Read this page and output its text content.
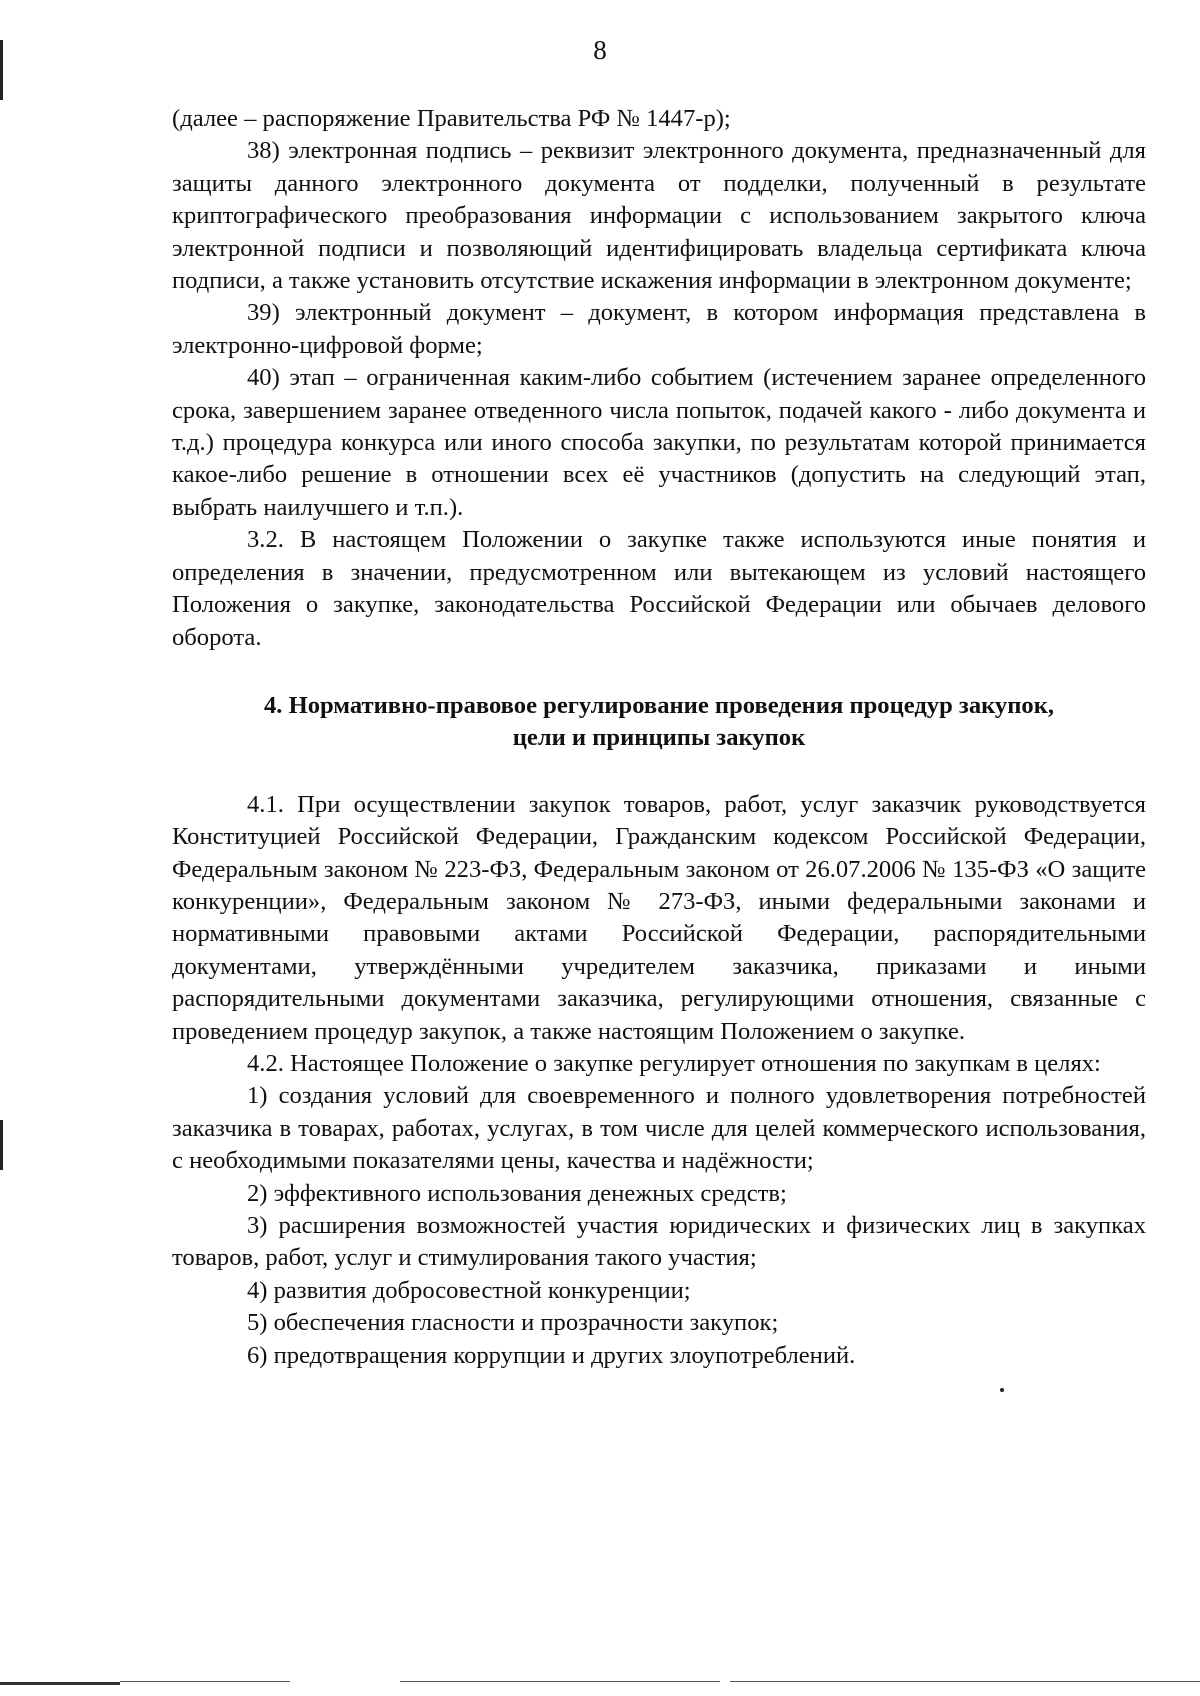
8

(далее – распоряжение Правительства РФ № 1447-р);

38) электронная подпись – реквизит электронного документа, предназначенный для защиты данного электронного документа от подделки, полученный в результате криптографического преобразования информации с использованием закрытого ключа электронной подписи и позволяющий идентифицировать владельца сертификата ключа подписи, а также установить отсутствие искажения информации в электронном документе;

39) электронный документ – документ, в котором информация представлена в электронно-цифровой форме;

40) этап – ограниченная каким-либо событием (истечением заранее определенного срока, завершением заранее отведенного числа попыток, подачей какого - либо документа и т.д.) процедура конкурса или иного способа закупки, по результатам которой принимается какое-либо решение в отношении всех её участников (допустить на следующий этап, выбрать наилучшего и т.п.).

3.2. В настоящем Положении о закупке также используются иные понятия и определения в значении, предусмотренном или вытекающем из условий настоящего Положения о закупке, законодательства Российской Федерации или обычаев делового оборота.

4. Нормативно-правовое регулирование проведения процедур закупок,
цели и принципы закупок

4.1. При осуществлении закупок товаров, работ, услуг заказчик руководствуется Конституцией Российской Федерации, Гражданским кодексом Российской Федерации, Федеральным законом № 223-ФЗ, Федеральным законом от 26.07.2006 № 135-ФЗ «О защите конкуренции», Федеральным законом № 273-ФЗ, иными федеральными законами и нормативными правовыми актами Российской Федерации, распорядительными документами, утверждёнными учредителем заказчика, приказами и иными распорядительными документами заказчика, регулирующими отношения, связанные с проведением процедур закупок, а также настоящим Положением о закупке.

4.2. Настоящее Положение о закупке регулирует отношения по закупкам в целях:

1) создания условий для своевременного и полного удовлетворения потребностей заказчика в товарах, работах, услугах, в том числе для целей коммерческого использования, с необходимыми показателями цены, качества и надёжности;

2) эффективного использования денежных средств;

3) расширения возможностей участия юридических и физических лиц в закупках товаров, работ, услуг и стимулирования такого участия;

4) развития добросовестной конкуренции;

5) обеспечения гласности и прозрачности закупок;

6) предотвращения коррупции и других злоупотреблений.
